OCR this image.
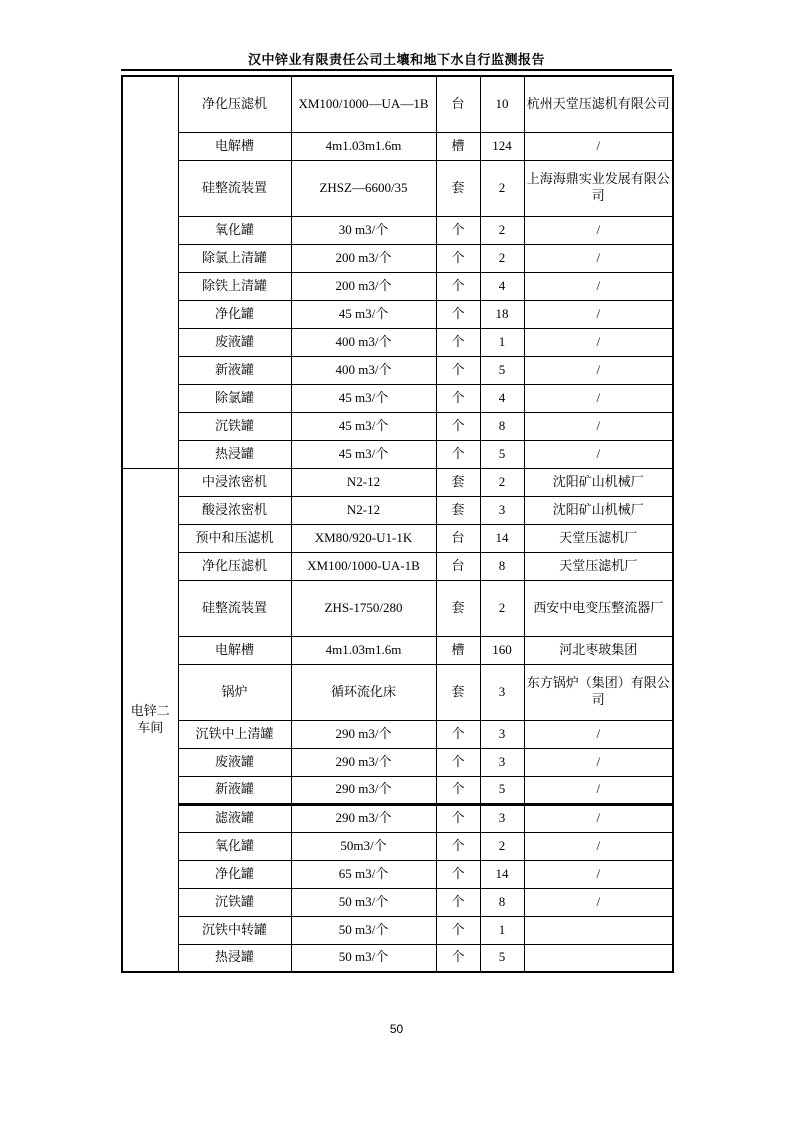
汉中锌业有限责任公司土壤和地下水自行监测报告
	净化压滤机	XM100/1000—UA—1B	台	10	杭州天堂压滤机有限公司
	电解槽	4m1.03m1.6m	槽	124	/
	硅整流装置	ZHSZ—6600/35	套	2	上海海鼎实业发展有限公司
	氧化罐	30 m3/个	个	2	/
	除氯上清罐	200 m3/个	个	2	/
	除铁上清罐	200 m3/个	个	4	/
	净化罐	45 m3/个	个	18	/
	废液罐	400 m3/个	个	1	/
	新液罐	400 m3/个	个	5	/
	除氯罐	45 m3/个	个	4	/
	沉铁罐	45 m3/个	个	8	/
	热浸罐	45 m3/个	个	5	/
电锌二车间	中浸浓密机	N2-12	套	2	沈阳矿山机械厂
	酸浸浓密机	N2-12	套	3	沈阳矿山机械厂
	预中和压滤机	XM80/920-U1-1K	台	14	天堂压滤机厂
	净化压滤机	XM100/1000-UA-1B	台	8	天堂压滤机厂
	硅整流装置	ZHS-1750/280	套	2	西安中电变压整流器厂
	电解槽	4m1.03m1.6m	槽	160	河北枣玻集团
	锅炉	循环流化床	套	3	东方锅炉（集团）有限公司
	沉铁中上清罐	290 m3/个	个	3	/
	废液罐	290 m3/个	个	3	/
	新液罐	290 m3/个	个	5	/
	滤液罐	290 m3/个	个	3	/
	氧化罐	50m3/个	个	2	/
	净化罐	65 m3/个	个	14	/
	沉铁罐	50 m3/个	个	8	/
	沉铁中转罐	50 m3/个	个	1	
	热浸罐	50 m3/个	个	5	
50
